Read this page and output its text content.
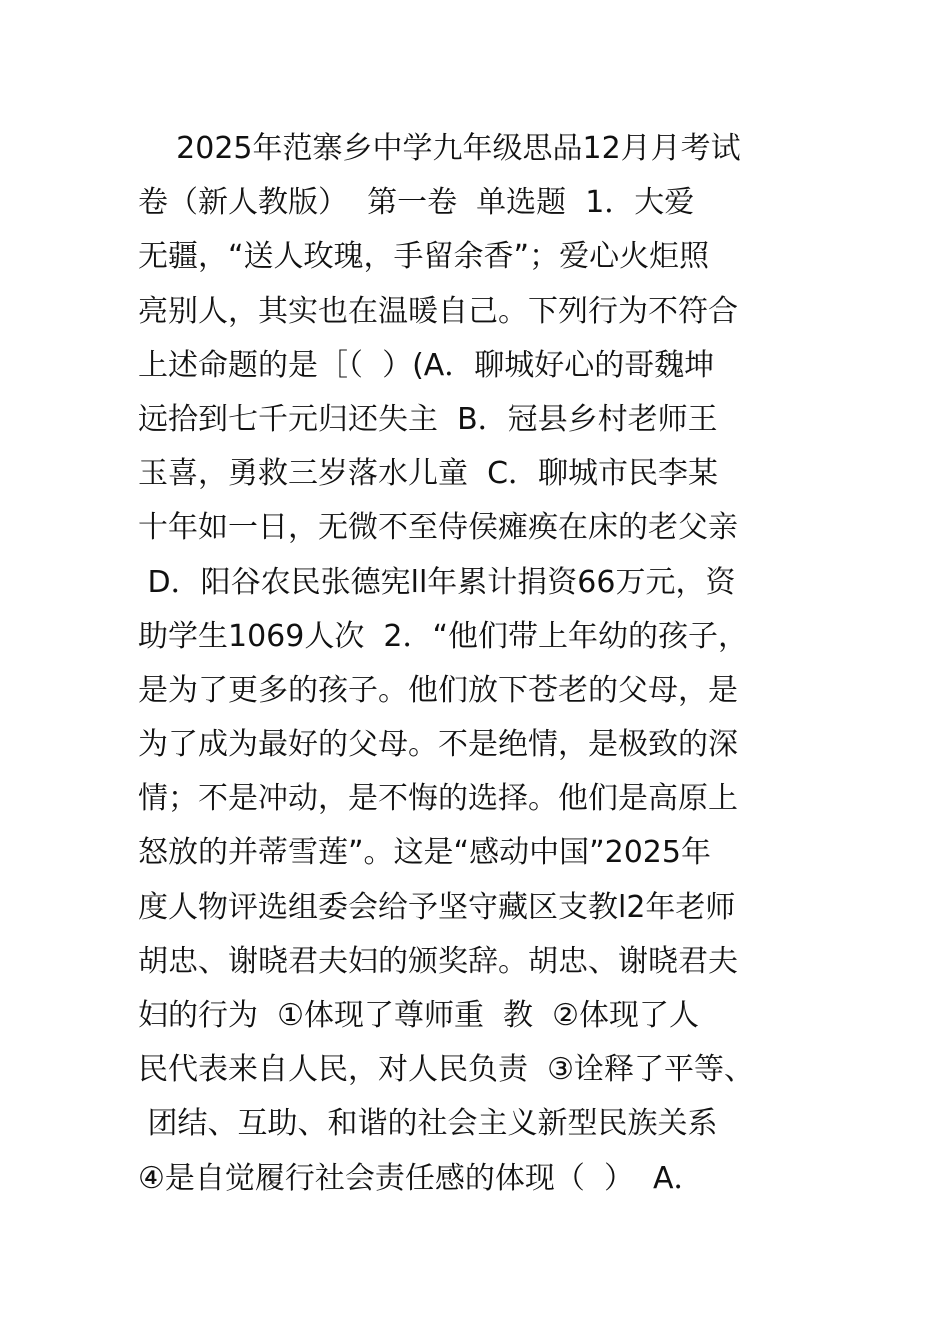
2025年范寨乡中学九年级思品12月月考试
卷（新人教版）  第一卷  单选题  1．大爱
无疆，“送人玫瑰，手留余香”；爱心火炬照
亮别人，其实也在温暖自己。下列行为不符合
上述命题的是［（  ）(A．聊城好心的哥魏坤
远拾到七千元归还失主  B．冠县乡村老师王
玉喜，勇救三岁落水儿童  C．聊城市民李某
十年如一日，无微不至侍侯瘫痪在床的老父亲
D．阳谷农民张德宪ll年累计捐资66万元，资
助学生1069人次  2．“他们带上年幼的孩子，
是为了更多的孩子。他们放下苍老的父母，是
为了成为最好的父母。不是绝情，是极致的深
情；不是冲动，是不悔的选择。他们是高原上
怒放的并蒂雪莲”。这是“感动中国”2025年
度人物评选组委会给予坚守藏区支教l2年老师
胡忠、谢晓君夫妇的颁奖辞。胡忠、谢晓君夫
妇的行为  ①体现了尊师重  教  ②体现了人
民代表来自人民，对人民负责  ③诠释了平等、
团结、互助、和谐的社会主义新型民族关系
④是自觉履行社会责任感的体现（  ）  A．
